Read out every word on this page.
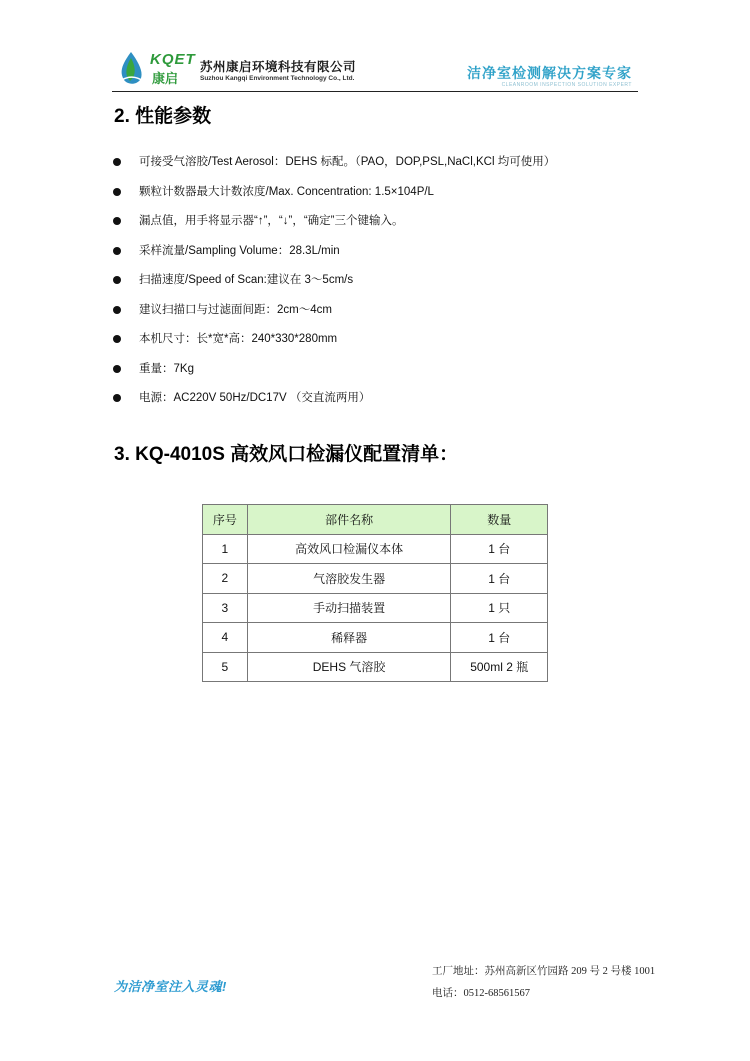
KQET
康启
苏州康启环境科技有限公司
Suzhou Kangqi Environment Technology Co., Ltd.	洁净室检测解决方案专家
CLEANROOM INSPECTION SOLUTION EXPERT
2. 性能参数
可接受气溶胶/Test Aerosol：DEHS 标配。（PAO，DOP,PSL,NaCl,KCl 均可使用）
颗粒计数器最大计数浓度/Max. Concentration: 1.5×104P/L
漏点值，用手将显示器“↑”，“↓”，“确定”三个键输入。
采样流量/Sampling Volume：28.3L/min
扫描速度/Speed of Scan:建议在 3～5cm/s
建议扫描口与过滤面间距：2cm～4cm
本机尺寸：长*宽*高：240*330*280mm
重量：7Kg
电源：AC220V 50Hz/DC17V （交直流两用）
3. KQ-4010S 高效风口检漏仪配置清单：
序号	部件名称	数量
1	高效风口检漏仪本体	1 台
2	气溶胶发生器	1 台
3	手动扫描装置	1 只
4	稀释器	1 台
5	DEHS 气溶胶	500ml 2 瓶
为洁净室注入灵魂!
工厂地址：苏州高新区竹园路 209 号 2 号楼 1001
电话：0512-68561567
